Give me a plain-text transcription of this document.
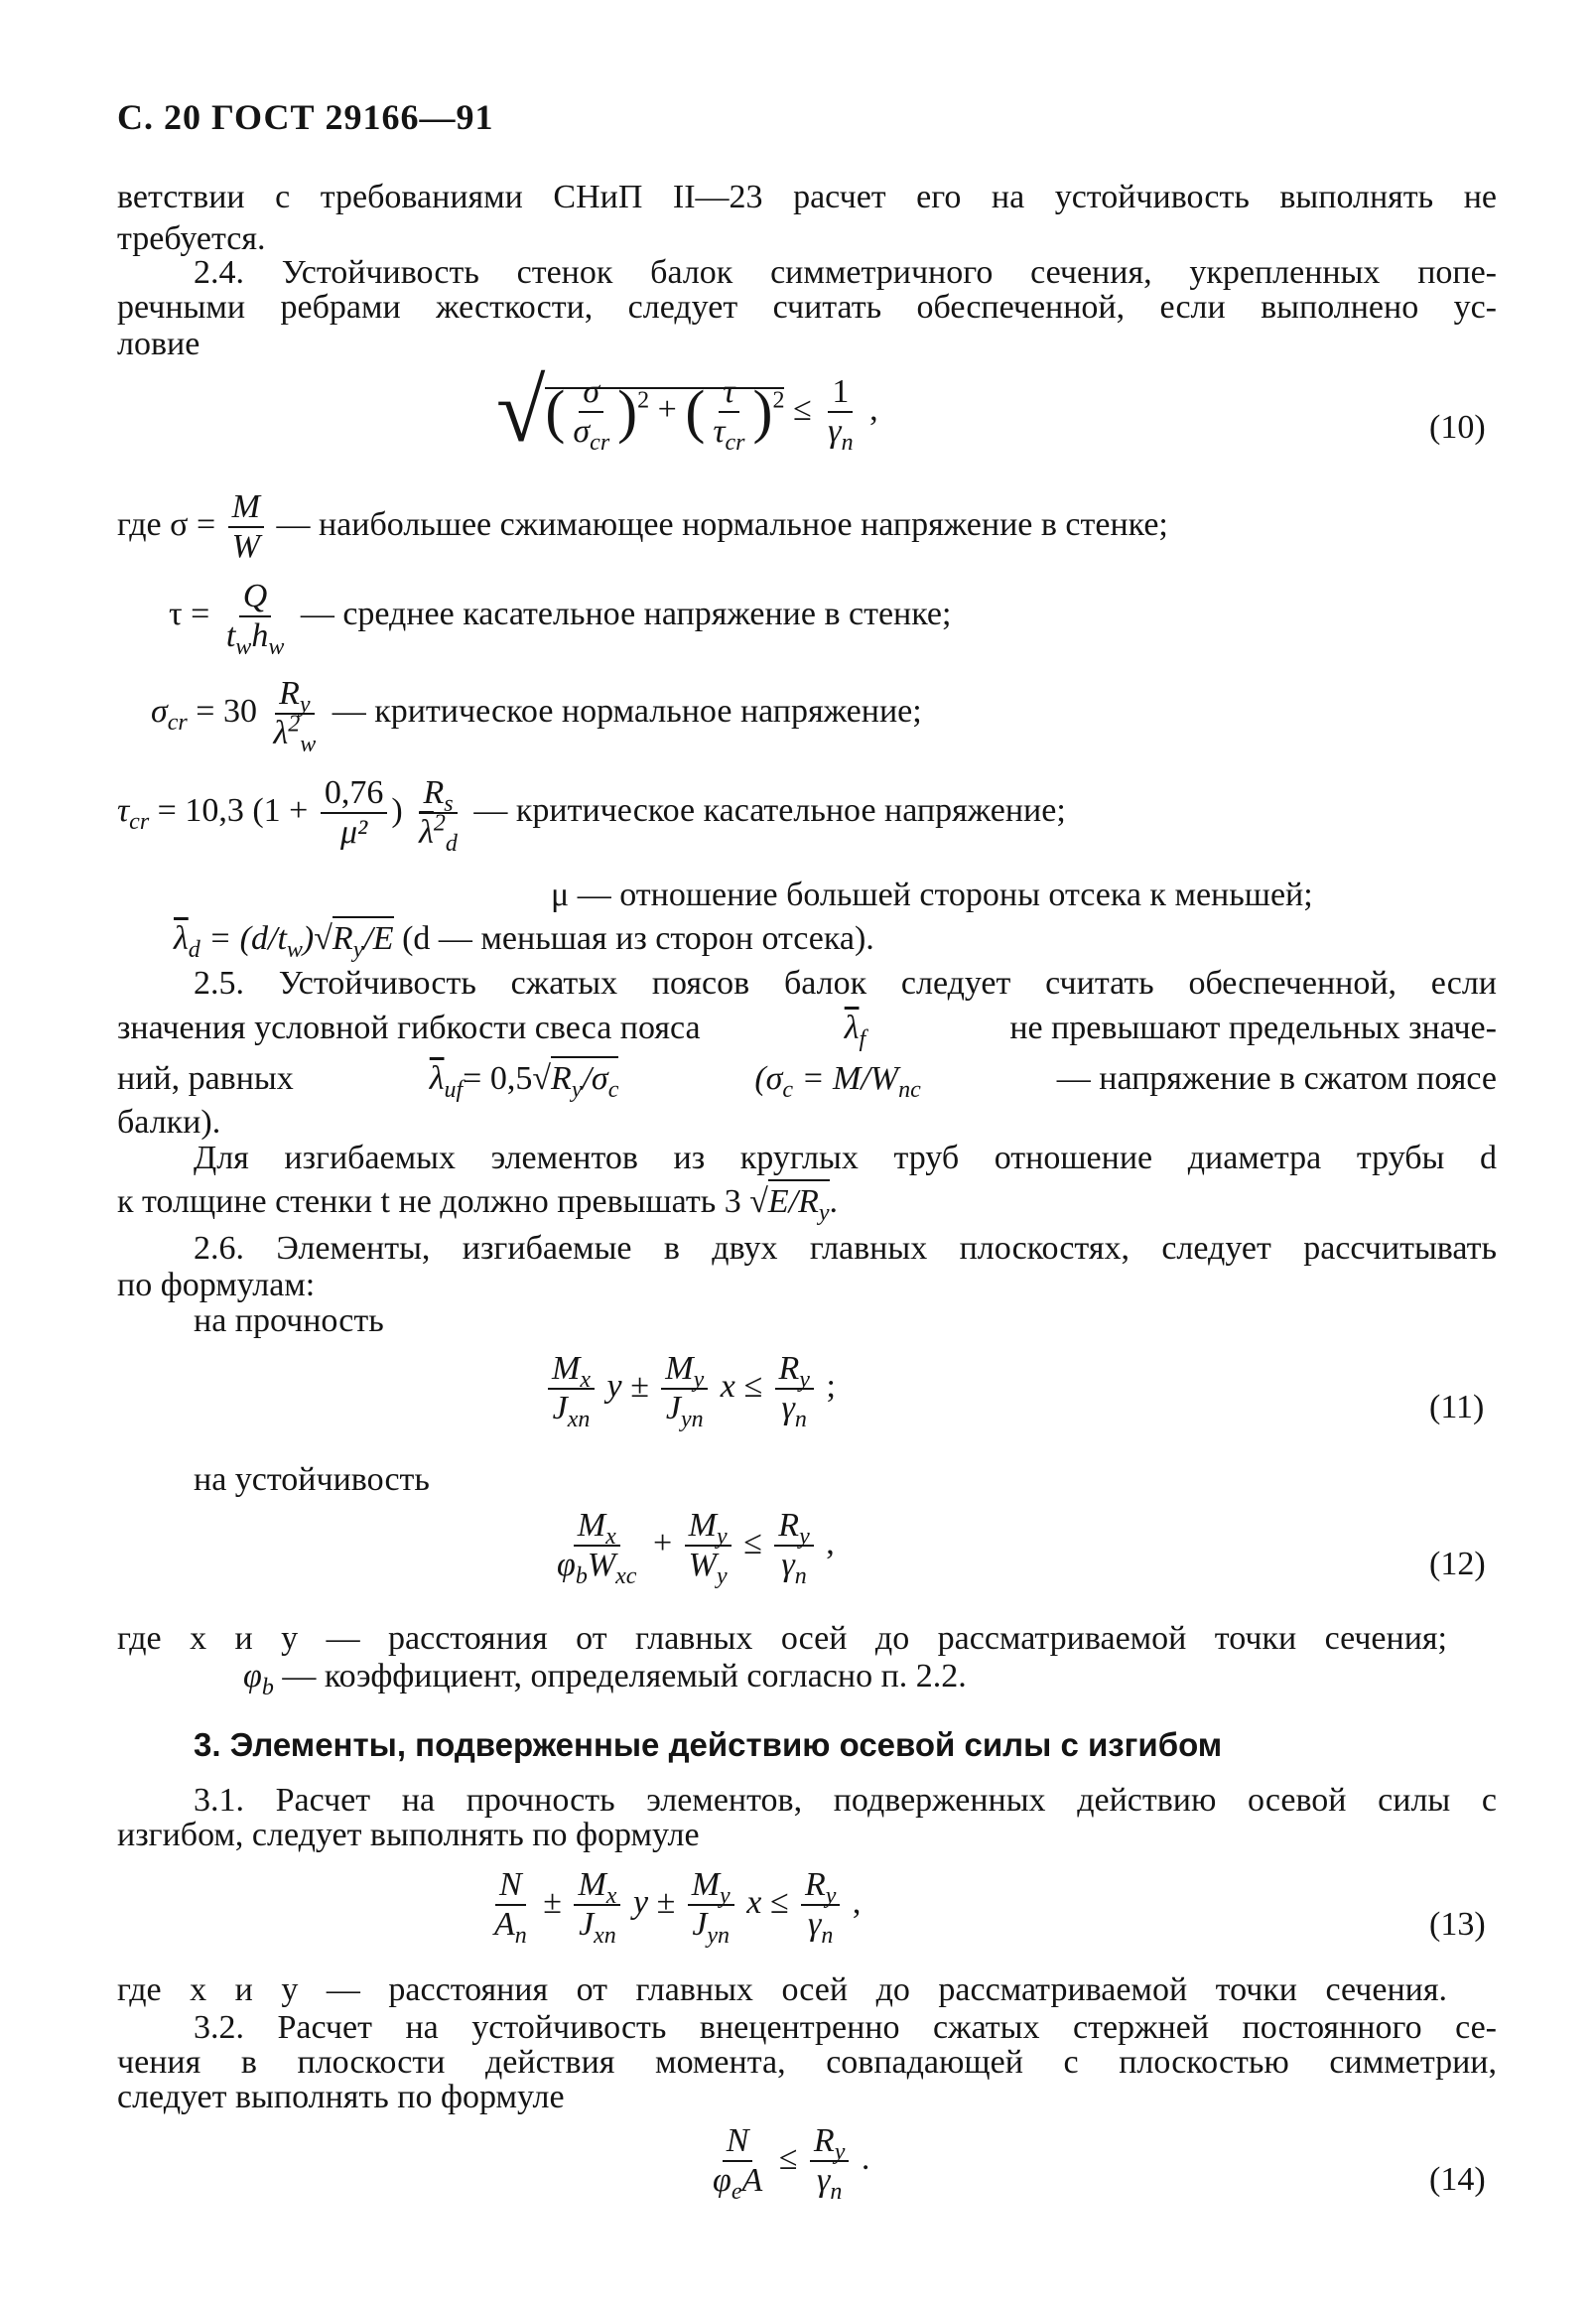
С. 20 ГОСТ 29166—91
ветствии с требованиями СНиП II—23 расчет его на устойчивость выполнять не
требуется.
2.4. Устойчивость стенок балок симметричного сечения, укрепленных попе-
речными ребрами жесткости, следует считать обеспеченной, если выполнено ус-
ловие
√( $\frac{\sigma}{\sigma_{cr}} )^2$ + ( $\frac{\tau}{\tau_{cr}} )^2 \le \frac{1}{\gamma_n}$ ,	(10)
где $\sigma = \frac{M}{W}$ — наибольшее сжимающее нормальное напряжение в стенке;
$\tau = \frac{Q}{t_wh_w}$ — среднее касательное напряжение в стенке;
$\sigma_{cr} = 30 \frac{R_y}{\lambda^2_w}$ — критическое нормальное напряжение;
$\tau_{cr} = 10,3$ ($1 + \frac{0,76}{\text{μ²}}$ ) $\frac{R_s}{\overline{\lambda}^2_d}$ — критическое касательное напряжение;
μ — отношение большей стороны отсека к меньшей;
$\overline{\lambda}_d = (d/t_w)√R_y/E$ (d — меньшая из сторон отсека).
2.5. Устойчивость сжатых поясов балок следует считать обеспеченной, если
значения условной гибкости свеса пояса	$\overline{\lambda}_f$	не превышают предельных значе-
ний, равных	$\overline{\lambda}_{uf}= 0,5√R_y/\sigma_c$	($\sigma_c = M/W_{nc}$	— напряжение в сжатом поясе
балки).
Для изгибаемых элементов из круглых труб отношение диаметра трубы d
к толщине стенки t не должно превышать 3 $√E/R_y$.
2.6. Элементы, изгибаемые в двух главных плоскостях, следует рассчитывать
по формулам:
на прочность
$\frac{M_x}{J_{xn}}$ $y \pm \frac{M_y}{J_{yn}}$ $x \le \frac{R_y}{\gamma_n}$ ;
(11)
на устойчивость
$\frac{M_x}{\varphi_bW_{xc}} + \frac{M_y}{W_y} \le \frac{R_y}{\gamma_n}$ ,
(12)
где x и y — расстояния от главных осей до рассматриваемой точки сечения;
$\varphi_b$ — коэффициент, определяемый согласно п. 2.2.
3. Элементы, подверженные действию осевой силы с изгибом
3.1. Расчет на прочность элементов, подверженных действию осевой силы с
изгибом, следует выполнять по формуле
$\frac{N}{A_n} \pm \frac{M_x}{J_{xn}}$ $y \pm \frac{M_y}{J_{yn}}$ $x \le \frac{R_y}{\gamma_n}$ ,
(13)
где x и y — расстояния от главных осей до рассматриваемой точки сечения.
3.2. Расчет на устойчивость внецентренно сжатых стержней постоянного се-
чения в плоскости действия момента, совпадающей с плоскостью симметрии,
следует выполнять по формуле
$\frac{N}{\varphi_eA} \le \frac{R_y}{\gamma_n}$ .
(14)
